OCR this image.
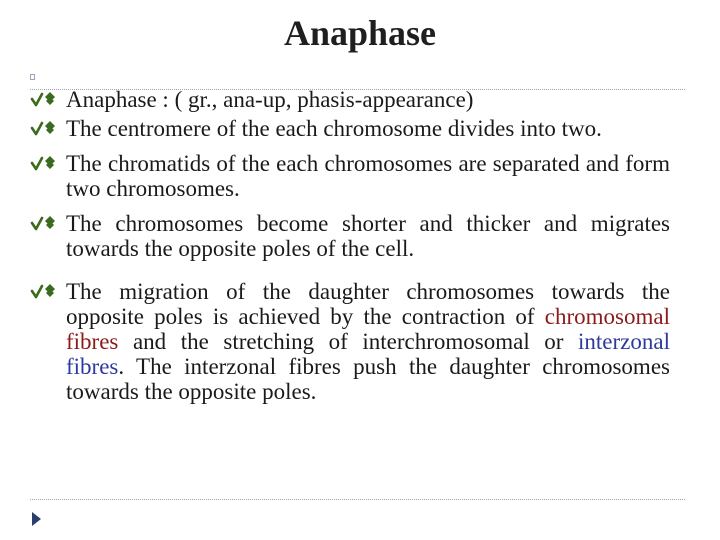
Anaphase
Anaphase : ( gr., ana-up, phasis-appearance)
The centromere of the each chromosome divides into two.
The chromatids of the each chromosomes are separated and form two chromosomes.
The chromosomes become shorter and thicker and migrates towards the opposite poles of the cell.
The migration of the daughter chromosomes towards the opposite poles is achieved by the contraction of chromosomal fibres and the stretching of interchromosomal or interzonal fibres. The interzonal fibres push the daughter chromosomes towards the opposite poles.
